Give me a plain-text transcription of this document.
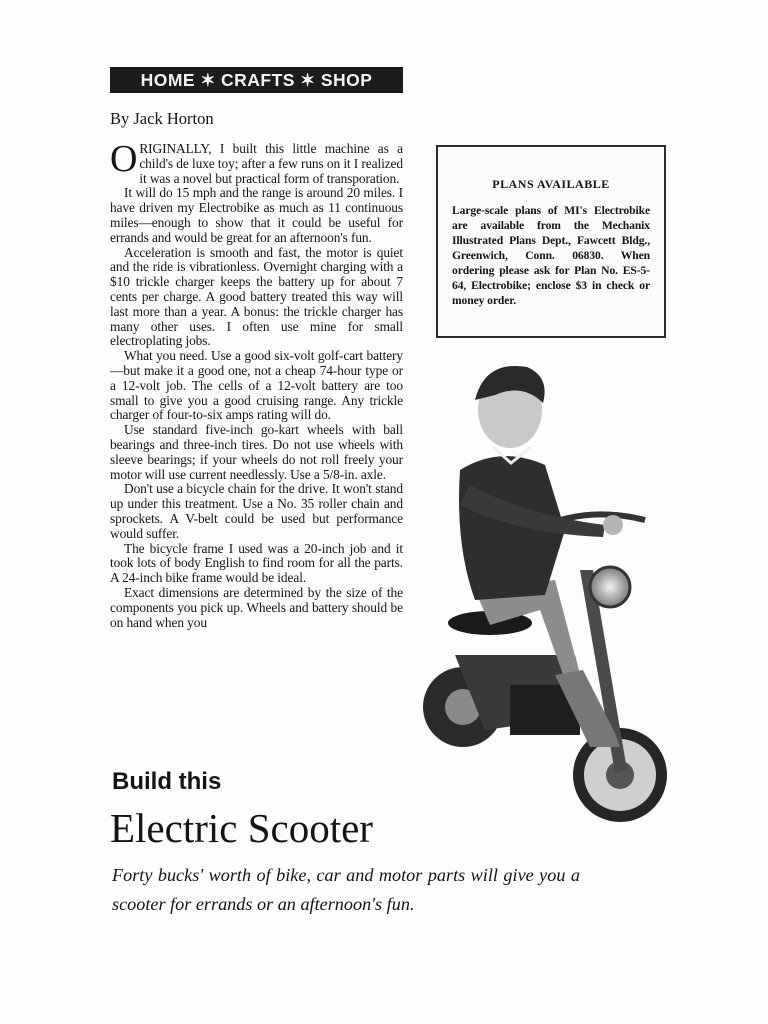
HOME ✶ CRAFTS ✶ SHOP
By Jack Horton

ORIGINALLY, I built this little machine as a child's de luxe toy; after a few runs on it I realized it was a novel but practical form of transporation.

It will do 15 mph and the range is around 20 miles. I have driven my Electrobike as much as 11 continuous miles—enough to show that it could be useful for errands and would be great for an afternoon's fun.

Acceleration is smooth and fast, the motor is quiet and the ride is vibrationless. Overnight charging with a $10 trickle charger keeps the battery up for about 7 cents per charge. A good battery treated this way will last more than a year. A bonus: the trickle charger has many other uses. I often use mine for small electroplating jobs.

What you need. Use a good six-volt golf-cart battery—but make it a good one, not a cheap 74-hour type or a 12-volt job. The cells of a 12-volt battery are too small to give you a good cruising range. Any trickle charger of four-to-six amps rating will do.

Use standard five-inch go-kart wheels with ball bearings and three-inch tires. Do not use wheels with sleeve bearings; if your wheels do not roll freely your motor will use current needlessly. Use a 5/8-in. axle.

Don't use a bicycle chain for the drive. It won't stand up under this treatment. Use a No. 35 roller chain and sprockets. A V-belt could be used but performance would suffer.

The bicycle frame I used was a 20-inch job and it took lots of body English to find room for all the parts. A 24-inch bike frame would be ideal.

Exact dimensions are determined by the size of the components you pick up. Wheels and battery should be on hand when you

PLANS AVAILABLE
Large-scale plans of MI's Electrobike are available from the Mechanix Illustrated Plans Dept., Fawcett Bldg., Greenwich, Conn. 06830. When ordering please ask for Plan No. ES-5-64, Electrobike; enclose $3 in check or money order.
Build this
Electric Scooter
Forty bucks' worth of bike, car and motor parts will give you a scooter for errands or an afternoon's fun.
